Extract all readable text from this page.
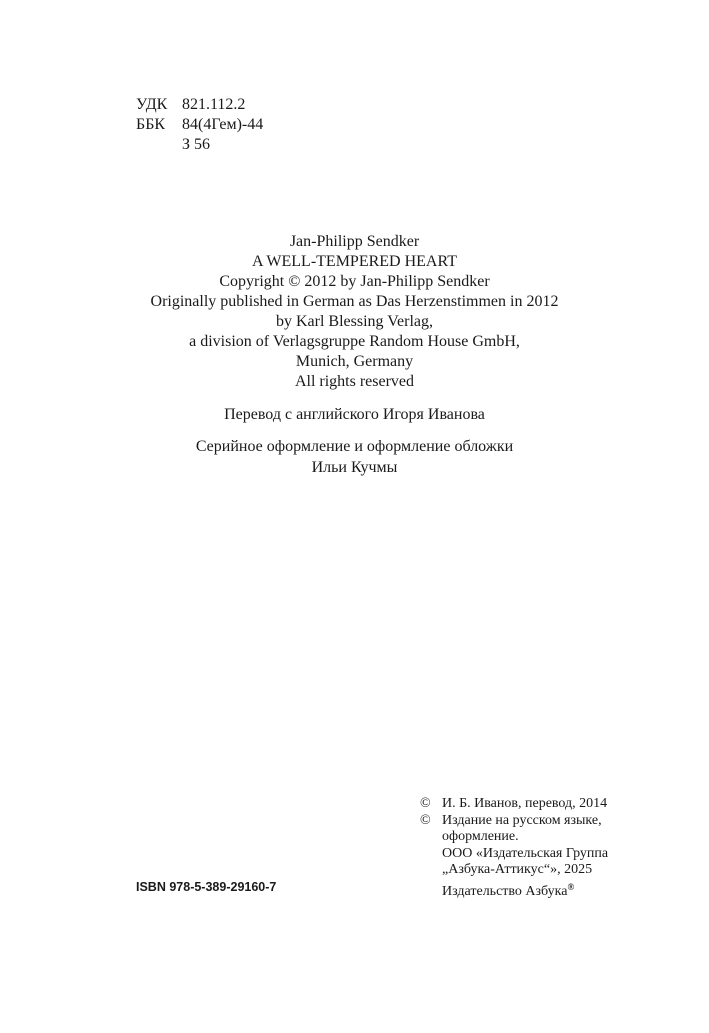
УДК 821.112.2
ББК	84(4Гем)-44
З 56
Jan-Philipp Sendker
A WELL-TEMPERED HEART
Copyright © 2012 by Jan-Philipp Sendker
Originally published in German as Das Herzenstimmen in 2012
by Karl Blessing Verlag,
a division of Verlagsgruppe Random House GmbH,
Munich, Germany
All rights reserved
Перевод с английского Игоря Иванова
Серийное оформление и оформление обложки
Ильи Кучмы
© И. Б. Иванов, перевод, 2014
© Издание на русском языке,
оформление.
ООО «Издательская Группа
„Азбука-Аттикус“», 2025
Издательство Азбука®
ISBN 978-5-389-29160-7
